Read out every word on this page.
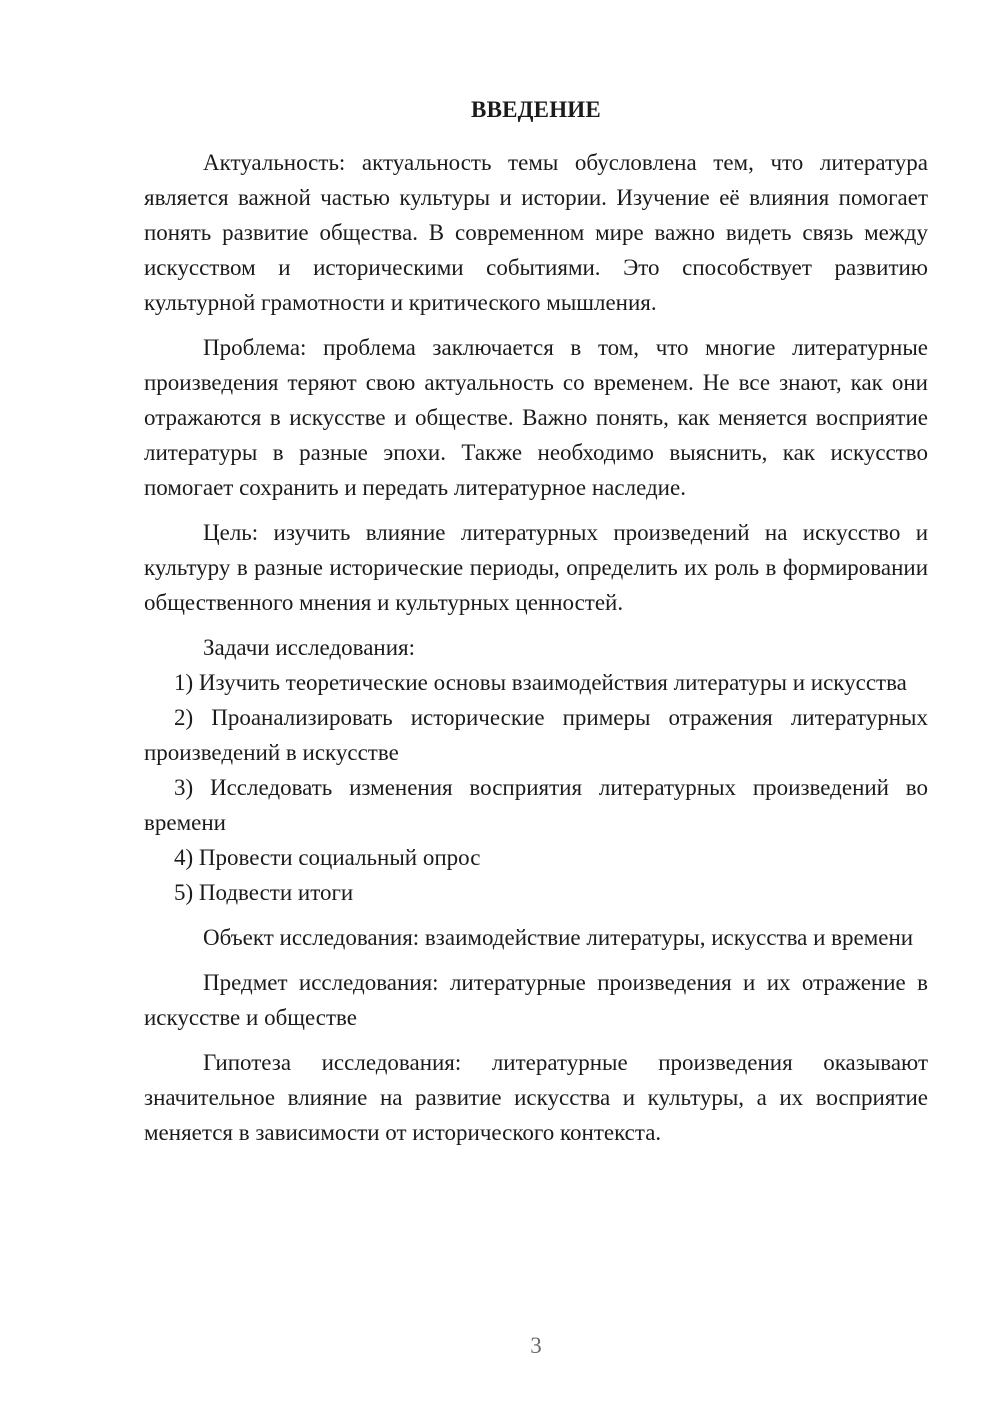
ВВЕДЕНИЕ

Актуальность: актуальность темы обусловлена тем, что литература является важной частью культуры и истории. Изучение её влияния помогает понять развитие общества. В современном мире важно видеть связь между искусством и историческими событиями. Это способствует развитию культурной грамотности и критического мышления.

Проблема: проблема заключается в том, что многие литературные произведения теряют свою актуальность со временем. Не все знают, как они отражаются в искусстве и обществе. Важно понять, как меняется восприятие литературы в разные эпохи. Также необходимо выяснить, как искусство помогает сохранить и передать литературное наследие.

Цель: изучить влияние литературных произведений на искусство и культуру в разные исторические периоды, определить их роль в формировании общественного мнения и культурных ценностей.

Задачи исследования:

1) Изучить теоретические основы взаимодействия литературы и искусства

2) Проанализировать исторические примеры отражения литературных произведений в искусстве

3) Исследовать изменения восприятия литературных произведений во времени

4) Провести социальный опрос

5) Подвести итоги

Объект исследования: взаимодействие литературы, искусства и времени

Предмет исследования: литературные произведения и их отражение в искусстве и обществе

Гипотеза исследования: литературные произведения оказывают значительное влияние на развитие искусства и культуры, а их восприятие меняется в зависимости от исторического контекста.

3
